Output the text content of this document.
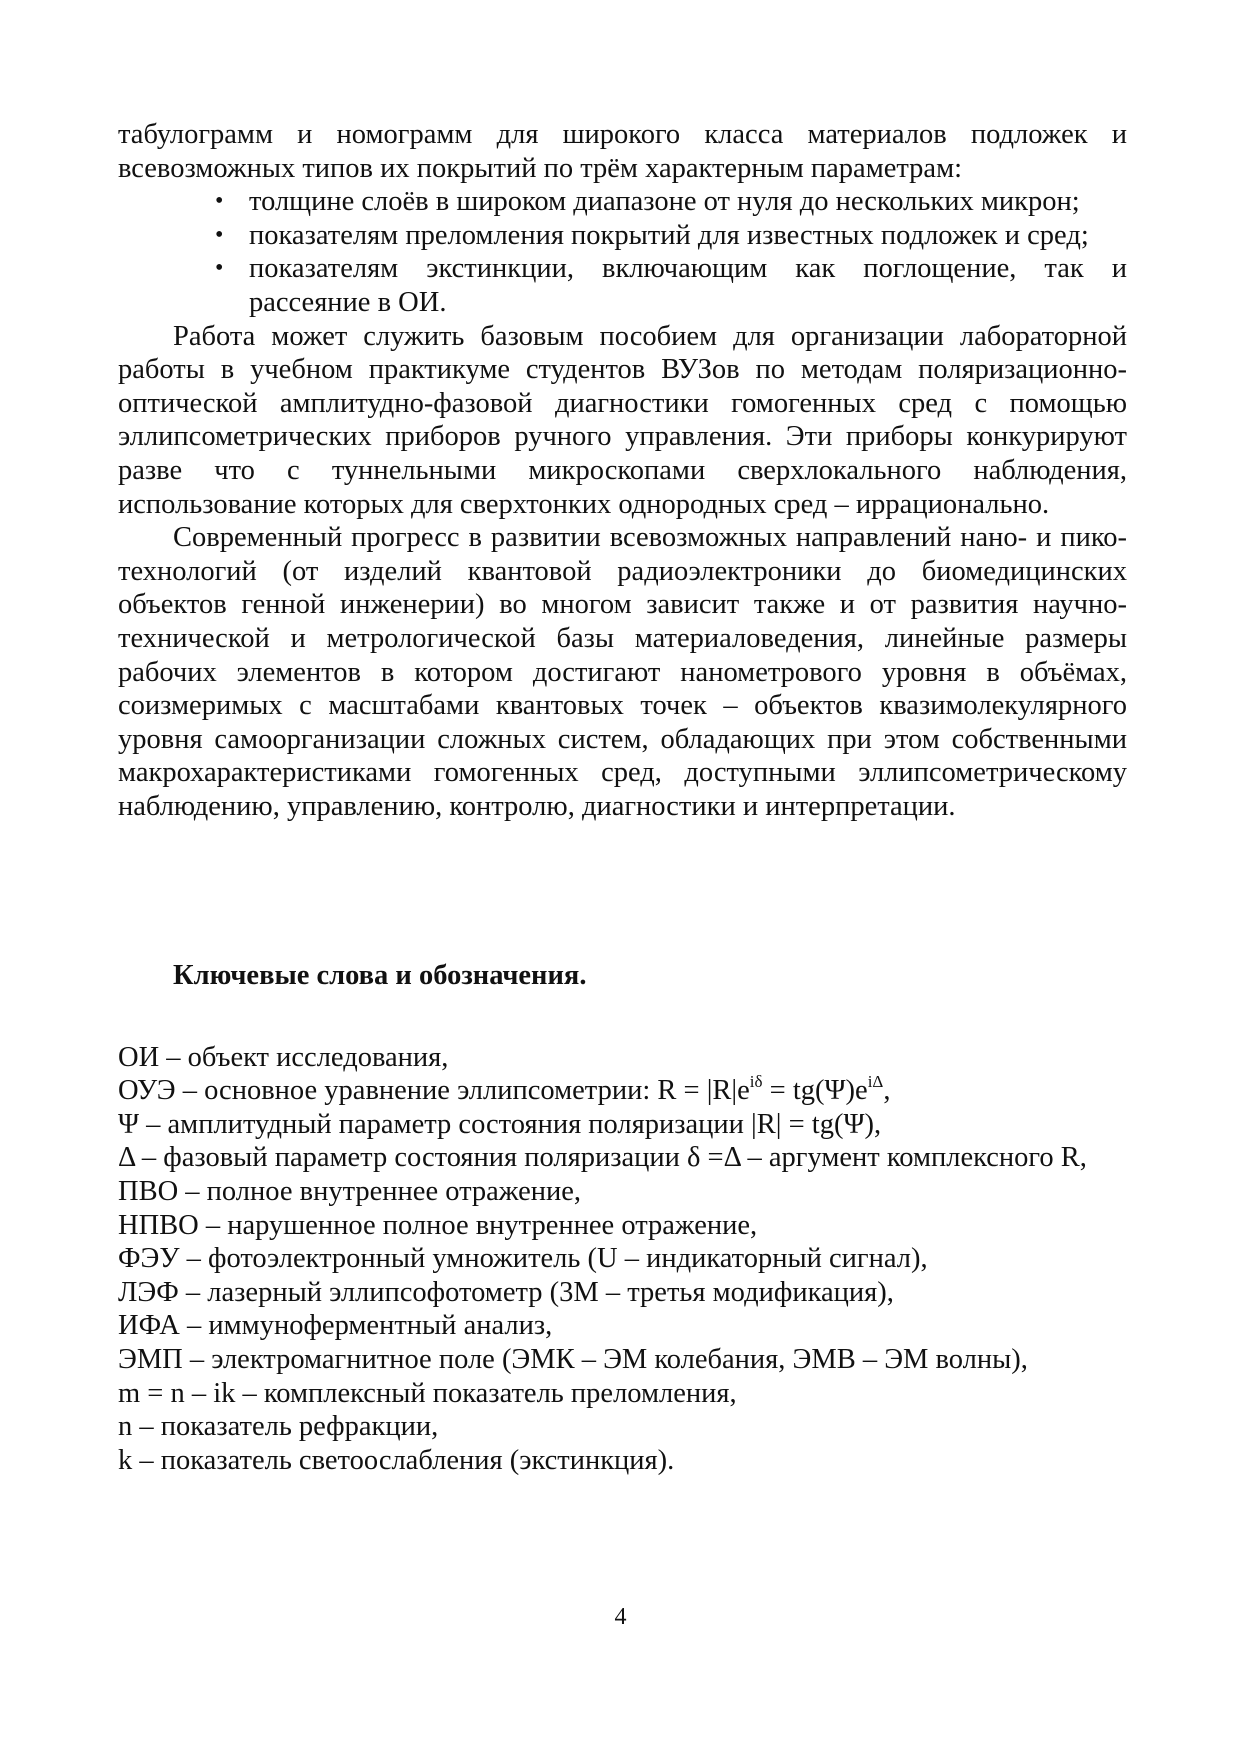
табулограмм и номограмм для широкого класса материалов подложек и всевозможных типов их покрытий по трём характерным параметрам:

• толщине слоёв в широком диапазоне от нуля до нескольких микрон;
• показателям преломления покрытий для известных подложек и сред;
• показателям экстинкции, включающим как поглощение, так и рассеяние в ОИ.

Работа может служить базовым пособием для организации лабораторной работы в учебном практикуме студентов ВУЗов по методам поляризационно-оптической амплитудно-фазовой диагностики гомогенных сред с помощью эллипсометрических приборов ручного управления. Эти приборы конкурируют разве что с туннельными микроскопами сверхлокального наблюдения, использование которых для сверхтонких однородных сред – иррационально.

Современный прогресс в развитии всевозможных направлений нано- и пико- технологий (от изделий квантовой радиоэлектроники до биомедицинских объектов генной инженерии) во многом зависит также и от развития научно-технической и метрологической базы материаловедения, линейные размеры рабочих элементов в котором достигают нанометрового уровня в объёмах, соизмеримых с масштабами квантовых точек – объектов квазимолекулярного уровня самоорганизации сложных систем, обладающих при этом собственными макрохарактеристиками гомогенных сред, доступными эллипсометрическому наблюдению, управлению, контролю, диагностики и интерпретации.

Ключевые слова и обозначения.

ОИ – объект исследования,
ОУЭ – основное уравнение эллипсометрии: $R = |R|e^{i\delta} = tg(\Psi)e^{i\Delta}$,
Ψ – амплитудный параметр состояния поляризации |R| = tg(Ψ),
Δ – фазовый параметр состояния поляризации δ =Δ – аргумент комплексного R,
ПВО – полное внутреннее отражение,
НПВО – нарушенное полное внутреннее отражение,
ФЭУ – фотоэлектронный умножитель (U – индикаторный сигнал),
ЛЭФ – лазерный эллипсофотометр (3М – третья модификация),
ИФА – иммуноферментный анализ,
ЭМП – электромагнитное поле (ЭМК – ЭМ колебания, ЭМВ – ЭМ волны),
m = n – ik – комплексный показатель преломления,
n – показатель рефракции,
k – показатель светоослабления (экстинкция).
4
